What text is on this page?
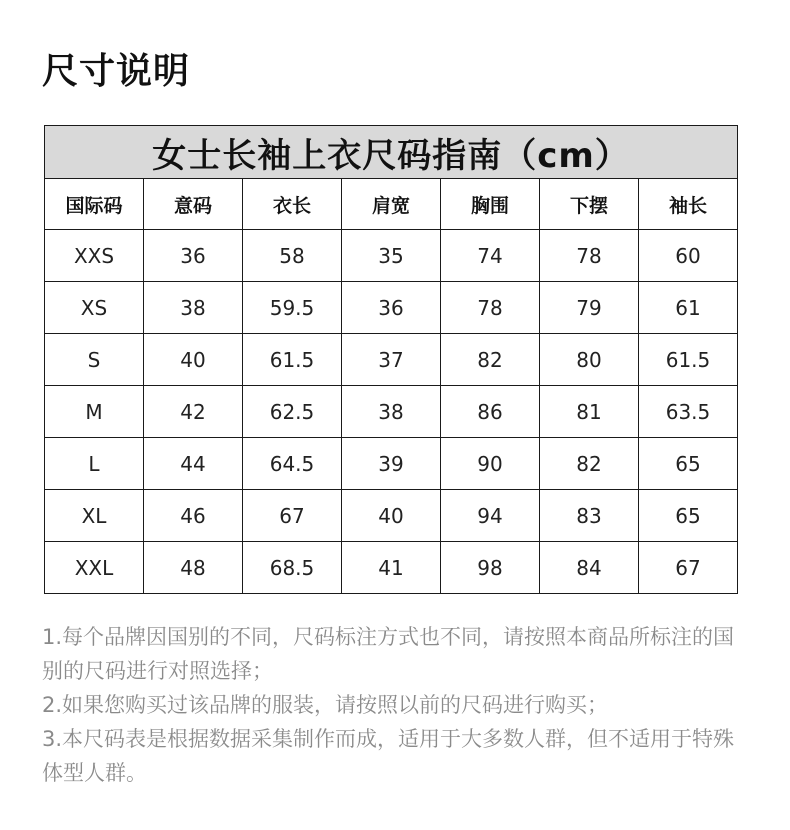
尺寸说明
女士长袖上衣尺码指南（cm）						
国际码	意码	衣长	肩宽	胸围	下摆	袖长
XXS	36	58	35	74	78	60
XS	38	59.5	36	78	79	61
S	40	61.5	37	82	80	61.5
M	42	62.5	38	86	81	63.5
L	44	64.5	39	90	82	65
XL	46	67	40	94	83	65
XXL	48	68.5	41	98	84	67

1.每个品牌因国别的不同，尺码标注方式也不同，请按照本商品所标注的国别的尺码进行对照选择；

2.如果您购买过该品牌的服装，请按照以前的尺码进行购买；

3.本尺码表是根据数据采集制作而成，适用于大多数人群，但不适用于特殊体型人群。
